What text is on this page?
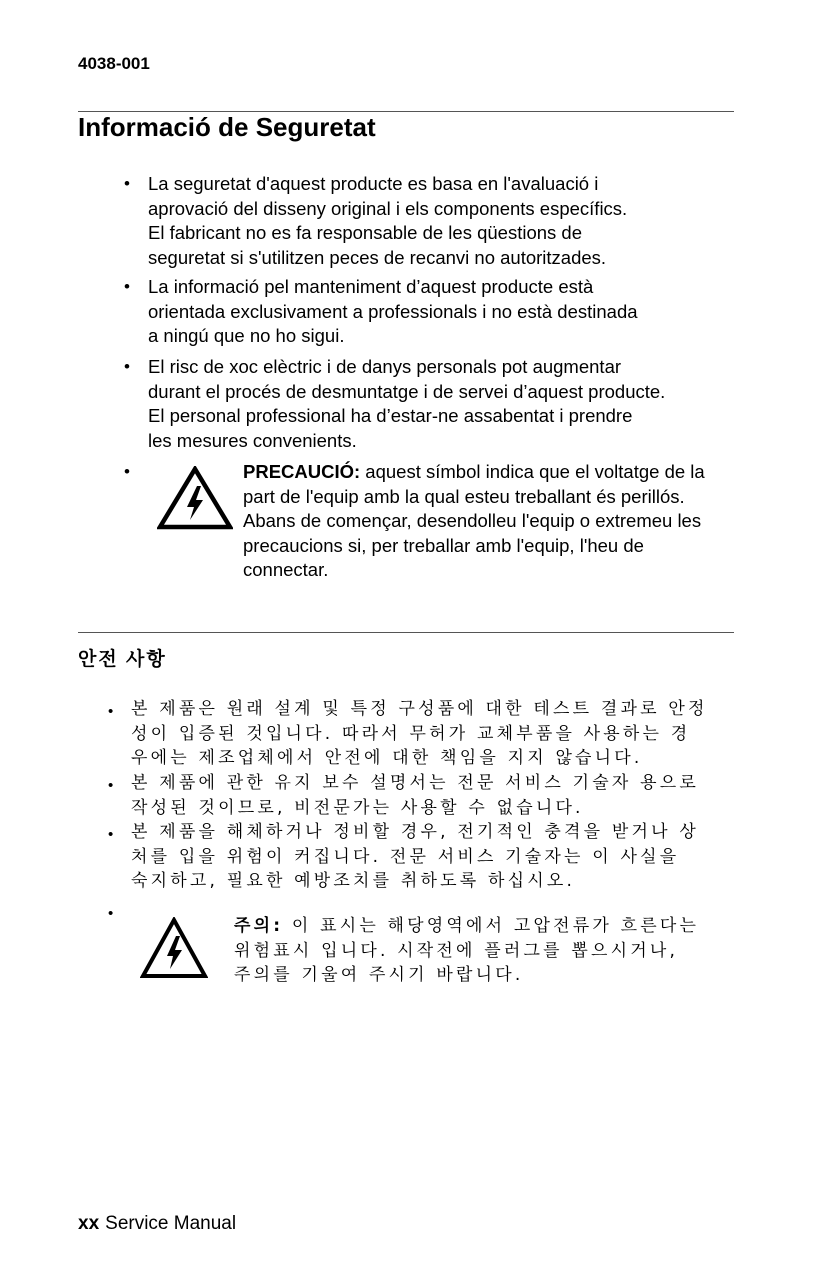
4038-001
Informació de Seguretat
• La seguretat d'aquest producte es basa en l'avaluació i
aprovació del disseny original i els components específics.
El fabricant no es fa responsable de les qüestions de
seguretat si s'utilitzen peces de recanvi no autoritzades.
• La informació pel manteniment d’aquest producte està
orientada exclusivament a professionals i no està destinada
a ningú que no ho sigui.
• El risc de xoc elèctric i de danys personals pot augmentar
durant el procés de desmuntatge i de servei d’aquest producte.
El personal professional ha d’estar-ne assabentat i prendre
les mesures convenients.
•	PRECAUCIÓ: aquest símbol indica que el voltatge de la part de l'equip amb la qual esteu treballant és perillós. Abans de començar, desendolleu l'equip o extremeu les precaucions si, per treballar amb l'equip, l'heu de connectar.
안전 사항
• 본 제품은 원래 설계 및 특정 구성품에 대한 테스트 결과로 안정
성이 입증된 것입니다. 따라서 무허가 교체부품을 사용하는 경
우에는 제조업체에서 안전에 대한 책임을 지지 않습니다.
• 본 제품에 관한 유지 보수 설명서는 전문 서비스 기술자 용으로
작성된 것이므로, 비전문가는 사용할 수 없습니다.
• 본 제품을 해체하거나 정비할 경우, 전기적인 충격을 받거나 상
처를 입을 위험이 커집니다. 전문 서비스 기술자는 이 사실을
숙지하고, 필요한 예방조치를 취하도록 하십시오.
•
주의: 이 표시는 해당영역에서 고압전류가 흐른다는
위험표시 입니다. 시작전에 플러그를 뽑으시거나,
주의를 기울여 주시기 바랍니다.
xx Service Manual
